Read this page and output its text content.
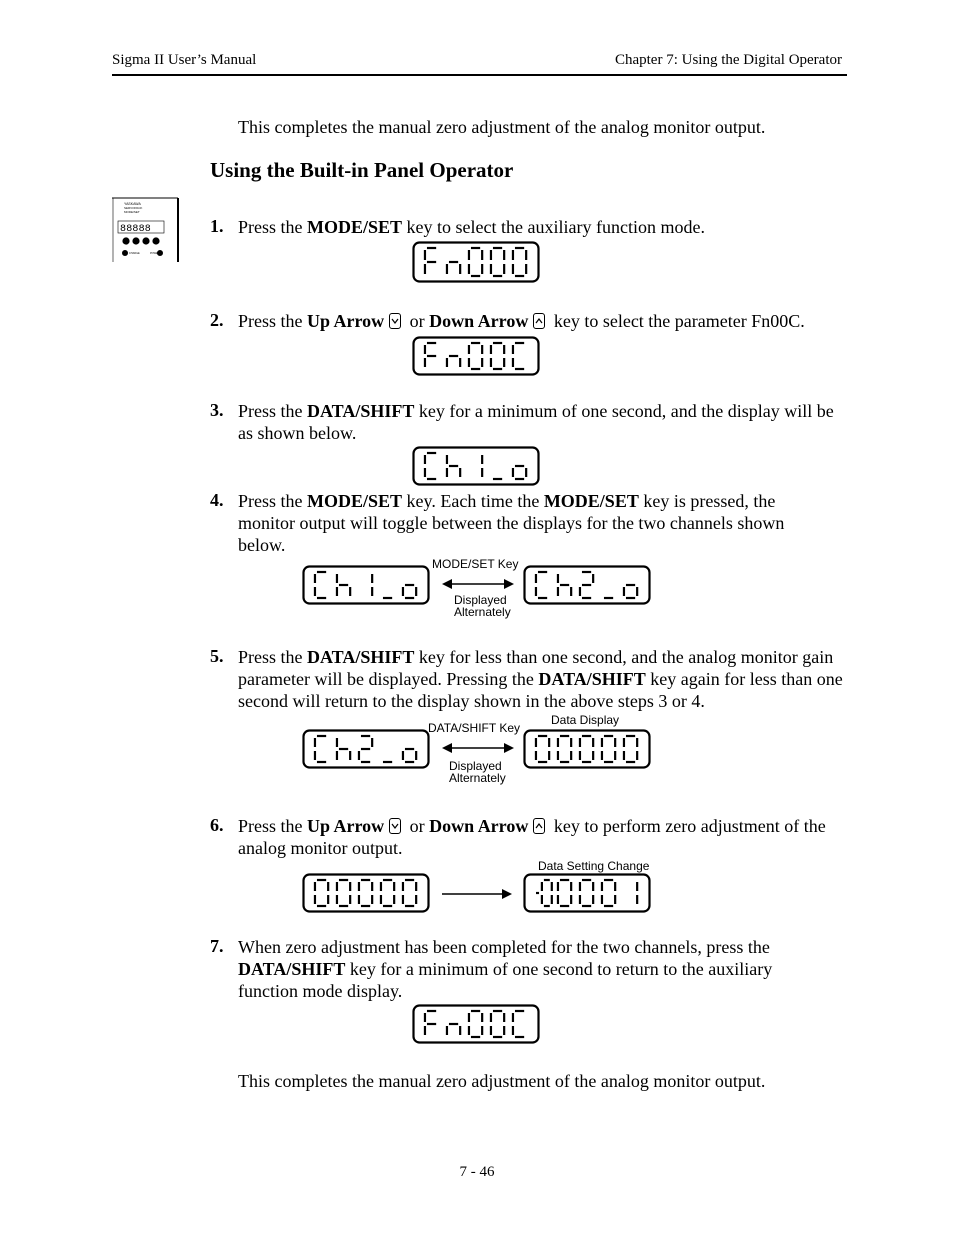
Sigma II User’s Manual	Chapter 7: Using the Digital Operator
This completes the manual zero adjustment of the analog monitor output.
Using the Built-in Panel Operator
YASKAWA
SERVOPACK
MODE/SET
88888
CHARGE	POWER
1. Press the MODE/SET key to select the auxiliary function mode.
2. Press the Up Arrow
or Down Arrow
key to select the parameter Fn00C.
3. Press the DATA/SHIFT key for a minimum of one second, and the display will be as shown below.
4. Press the MODE/SET key. Each time the MODE/SET key is pressed, the monitor output will toggle between the displays for the two channels shown below.
MODE/SET Key
Displayed
Alternately
5. Press the DATA/SHIFT key for less than one second, and the analog monitor gain parameter will be displayed. Pressing the DATA/SHIFT key again for less than one second will return to the display shown in the above steps 3 or 4.
DATA/SHIFT Key
Displayed
Alternately
Data Display
6. Press the Up Arrow
or Down Arrow
key to perform zero adjustment of the analog monitor output.
Data Setting Change
7. When zero adjustment has been completed for the two channels, press the DATA/SHIFT key for a minimum of one second to return to the auxiliary function mode display.
This completes the manual zero adjustment of the analog monitor output.
7 - 46
